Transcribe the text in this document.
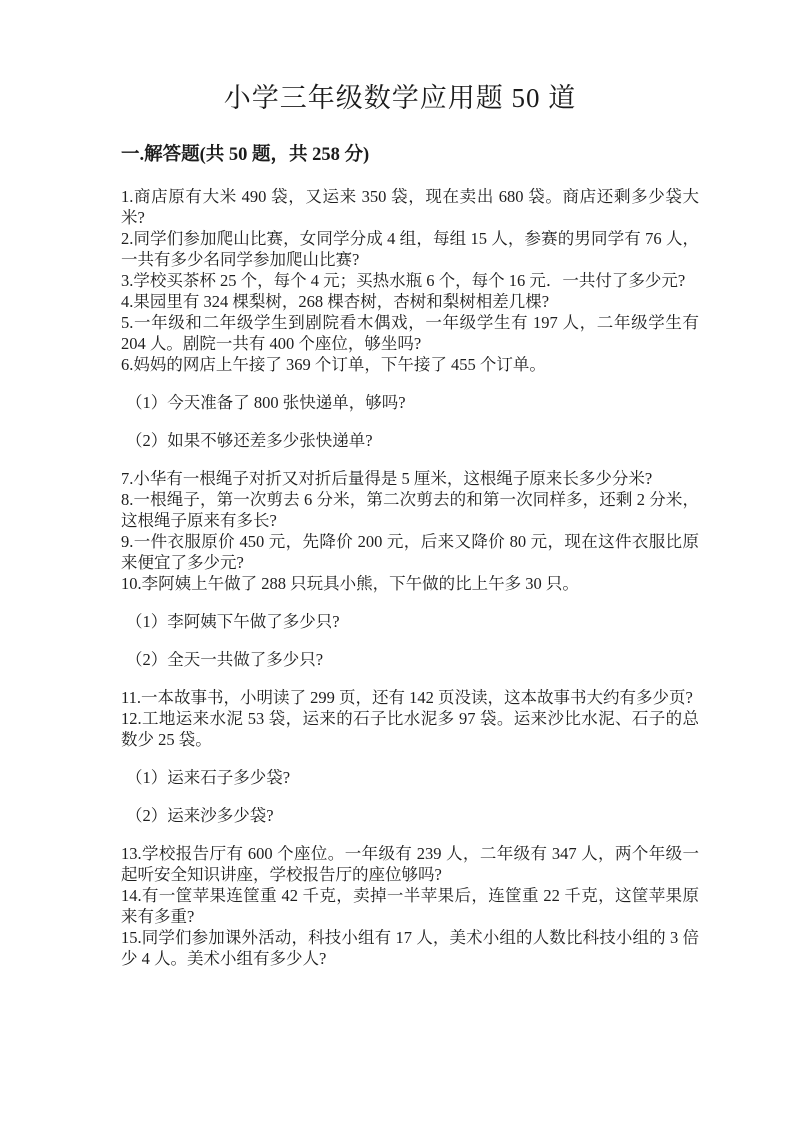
小学三年级数学应用题 50 道
一.解答题(共 50 题，共 258 分)

1.商店原有大米 490 袋，又运来 350 袋，现在卖出 680 袋。商店还剩多少袋大米?

2.同学们参加爬山比赛，女同学分成 4 组，每组 15 人，参赛的男同学有 76 人，一共有多少名同学参加爬山比赛?

3.学校买茶杯 25 个，每个 4 元；买热水瓶 6 个，每个 16 元．一共付了多少元?

4.果园里有 324 棵梨树，268 棵杏树，杏树和梨树相差几棵?

5.一年级和二年级学生到剧院看木偶戏，一年级学生有 197 人，二年级学生有 204 人。剧院一共有 400 个座位，够坐吗?

6.妈妈的网店上午接了 369 个订单，下午接了 455 个订单。

（1）今天准备了 800 张快递单，够吗?

（2）如果不够还差多少张快递单?

7.小华有一根绳子对折又对折后量得是 5 厘米，这根绳子原来长多少分米?

8.一根绳子，第一次剪去 6 分米，第二次剪去的和第一次同样多，还剩 2 分米，这根绳子原来有多长?

9.一件衣服原价 450 元，先降价 200 元，后来又降价 80 元，现在这件衣服比原来便宜了多少元?

10.李阿姨上午做了 288 只玩具小熊，下午做的比上午多 30 只。

（1）李阿姨下午做了多少只?

（2）全天一共做了多少只?

11.一本故事书，小明读了 299 页，还有 142 页没读，这本故事书大约有多少页?

12.工地运来水泥 53 袋，运来的石子比水泥多 97 袋。运来沙比水泥、石子的总数少 25 袋。

（1）运来石子多少袋?

（2）运来沙多少袋?

13.学校报告厅有 600 个座位。一年级有 239 人，二年级有 347 人，两个年级一起听安全知识讲座，学校报告厅的座位够吗?

14.有一筐苹果连筐重 42 千克，卖掉一半苹果后，连筐重 22 千克，这筐苹果原来有多重?

15.同学们参加课外活动，科技小组有 17 人，美术小组的人数比科技小组的 3 倍少 4 人。美术小组有多少人?
